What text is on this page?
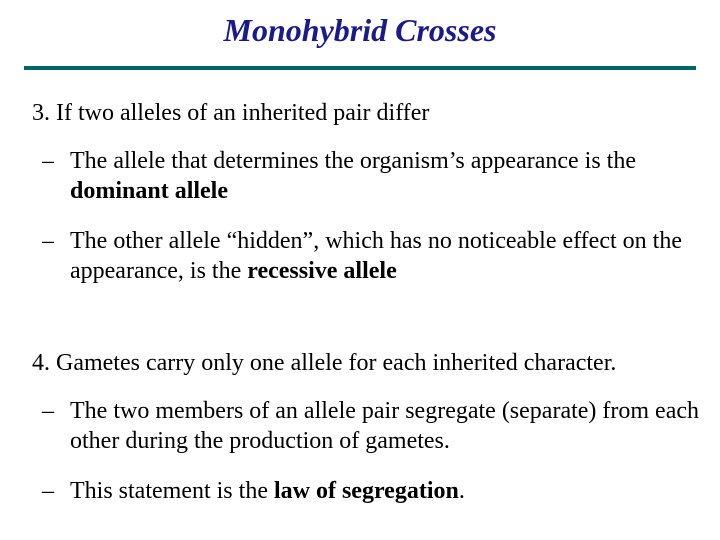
Monohybrid Crosses
3. If two alleles of an inherited pair differ
– The allele that determines the organism’s appearance is the dominant allele
– The other allele “hidden”, which has no noticeable effect on the appearance, is the recessive allele
4. Gametes carry only one allele for each inherited character.
– The two members of an allele pair segregate (separate) from each other during the production of gametes.
– This statement is the law of segregation.
